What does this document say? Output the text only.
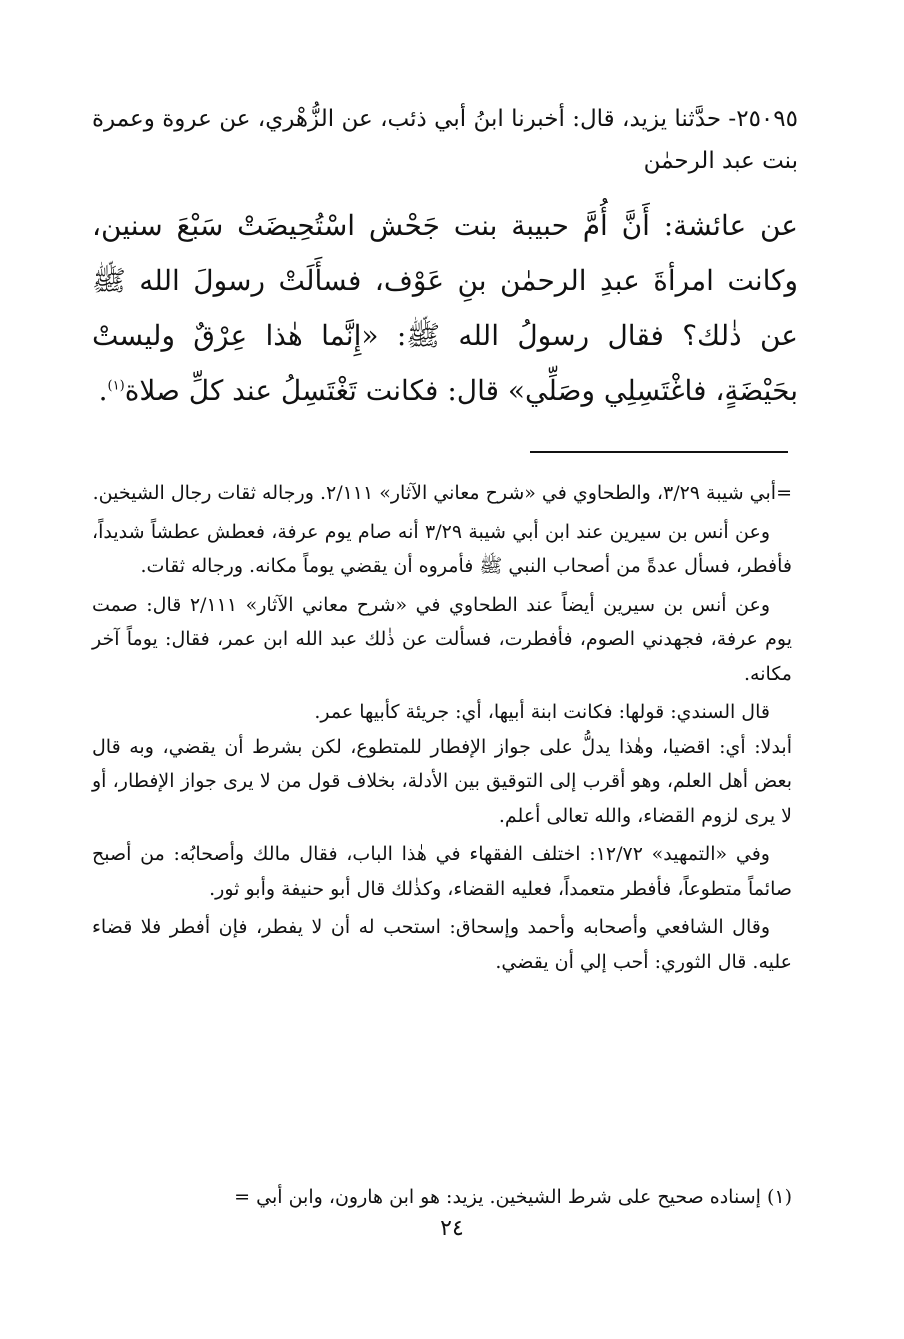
٢٥٠٩٥- حدَّثنا يزيد، قال: أخبرنا ابنُ أبي ذئب، عن الزُّهْري، عن عروة وعمرة بنت عبد الرحمٰن

عن عائشة: أَنَّ أُمَّ حبيبة بنت جَحْش اسْتُحِيضَتْ سَبْعَ سنين، وكانت امرأةَ عبدِ الرحمٰن بنِ عَوْف، فسأَلَتْ رسولَ الله ﷺ عن ذٰلك؟ فقال رسولُ الله ﷺ: «إِنَّما هٰذا عِرْقٌ وليستْ بحَيْضَةٍ، فاغْتَسِلِي وصَلِّي» قال: فكانت تَغْتَسِلُ عند كلِّ صلاة$^{(١)}$.

=أبي شيبة ٣/٢٩، والطحاوي في «شرح معاني الآثار» ٢/١١١. ورجاله ثقات رجال الشيخين.

وعن أنس بن سيرين عند ابن أبي شيبة ٣/٢٩ أنه صام يوم عرفة، فعطش عطشاً شديداً، فأفطر، فسأل عدةً من أصحاب النبي ﷺ فأمروه أن يقضي يوماً مكانه. ورجاله ثقات.

وعن أنس بن سيرين أيضاً عند الطحاوي في «شرح معاني الآثار» ٢/١١١ قال: صمت يوم عرفة، فجهدني الصوم، فأفطرت، فسألت عن ذٰلك عبد الله ابن عمر، فقال: يوماً آخر مكانه.

قال السندي: قولها: فكانت ابنة أبيها، أي: جريئة كأبيها عمر.

أبدلا: أي: اقضيا، وهٰذا يدلُّ على جواز الإفطار للمتطوع، لكن بشرط أن يقضي، وبه قال بعض أهل العلم، وهو أقرب إلى التوقيق بين الأدلة، بخلاف قول من لا يرى جواز الإفطار، أو لا يرى لزوم القضاء، والله تعالى أعلم.

وفي «التمهيد» ١٢/٧٢: اختلف الفقهاء في هٰذا الباب، فقال مالك وأصحابُه: من أصبح صائماً متطوعاً، فأفطر متعمداً، فعليه القضاء، وكذٰلك قال أبو حنيفة وأبو ثور.

وقال الشافعي وأصحابه وأحمد وإسحاق: استحب له أن لا يفطر، فإن أفطر فلا قضاء عليه. قال الثوري: أحب إلي أن يقضي.

(١) إسناده صحيح على شرط الشيخين. يزيد: هو ابن هارون، وابن أبي =

٢٤
